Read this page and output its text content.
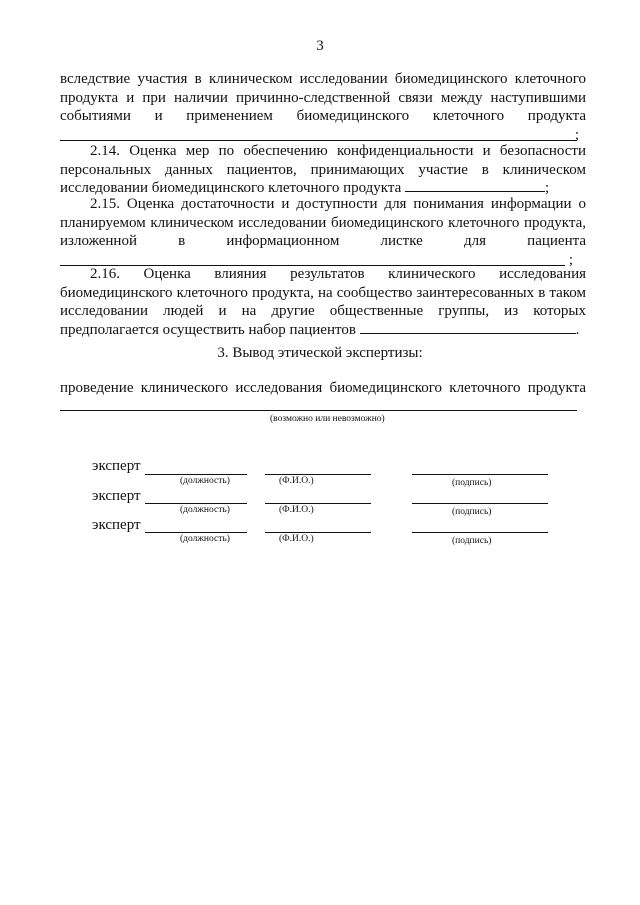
3
вследствие участия в клиническом исследовании биомедицинского клеточного
продукта и при наличии причинно-следственной связи между наступившими
событиями и применением биомедицинского клеточного продукта
;

2.14. Оценка мер по обеспечению конфиденциальности и безопасности персональных данных пациентов, принимающих участие в клиническом исследовании биомедицинского клеточного продукта	;

2.15. Оценка достаточности и доступности для понимания информации о планируемом клиническом исследовании биомедицинского клеточного продукта, изложенной в информационном листке для пациента

;

2.16. Оценка влияния результатов клинического исследования биомедицинского клеточного продукта, на сообщество заинтересованных в таком исследовании людей и на другие общественные группы, из которых предполагается осуществить набор пациентов	.

3. Вывод этической экспертизы:
проведение клинического исследования биомедицинского клеточного продукта
(возможно или невозможно)
эксперт
(должность)	(Ф.И.О.)	(подпись)
эксперт
(должность)	(Ф.И.О.)	(подпись)
эксперт
(должность)	(Ф.И.О.)	(подпись)
